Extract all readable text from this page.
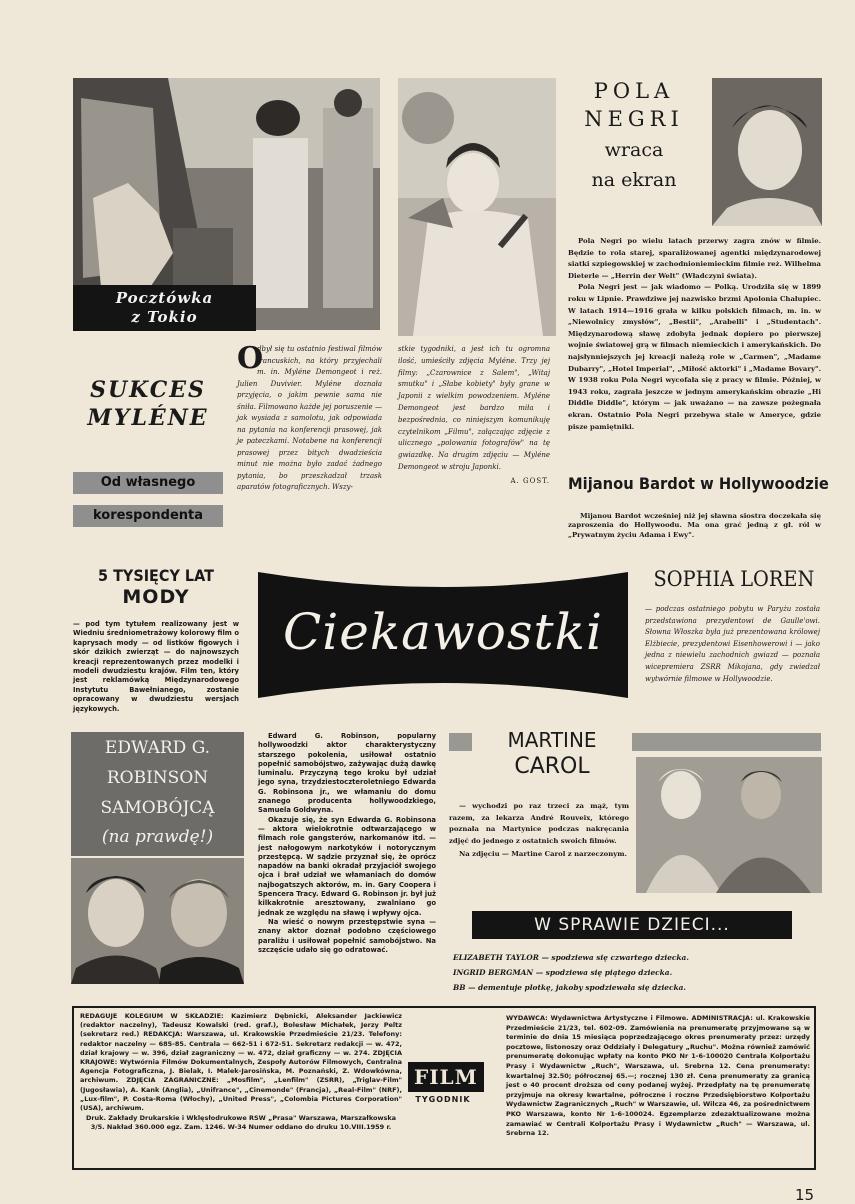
Pocztówka
z Tokio
POLA
NEGRI
wraca
na ekran

Pola Negri po wielu latach przerwy zagra znów w filmie. Będzie to rola starej, sparaliżowanej agentki międzynarodowej siatki szpiegowskiej w zachodnioniemieckim filmie reż. Wilhelma Dieterle — „Herrin der Welt" (Władczyni świata).

Pola Negri jest — jak wiadomo — Polką. Urodziła się w 1899 roku w Lipnie. Prawdziwe jej nazwisko brzmi Apolonia Chałupiec. W latach 1914—1916 grała w kilku polskich filmach, m. in. w „Niewolnicy zmysłów", „Bestii", „Arabelli" i „Studentach". Międzynarodową sławę zdobyła jednak dopiero po pierwszej wojnie światowej grą w filmach niemieckich i amerykańskich. Do najsłynniejszych jej kreacji należą role w „Carmen", „Madame Dubarry", „Hotel Imperial", „Miłość aktorki" i „Madame Bovary". W 1938 roku Pola Negri wycofała się z pracy w filmie. Później, w 1943 roku, zagrała jeszcze w jednym amerykańskim obrazie „Hi Diddle Diddle", którym — jak uważano — na zawsze pożegnała ekran. Ostatnio Pola Negri przebywa stale w Ameryce, gdzie pisze pamiętniki.

Mijanou Bardot w Hollywoodzie
Mijanou Bardot wcześniej niż jej sławna siostra doczekała się zaproszenia do Hollywoodu. Ma ona grać jedną z gł. ról w „Prywatnym życiu Adama i Ewy".
SUKCES
MYLÉNE
Od własnego
korespondenta
O
dbył się tu ostatnio festiwal filmów francuskich, na który przyjechali m. in. Myléne Demongeot i reż. Julien Duvivier. Myléne doznała przyjęcia, o jakim pewnie sama nie śniła. Filmowano każde jej poruszenie — jak wysiada z samolotu, jak odpowiada na pytania na konferencji prasowej, jak je pateczkami. Notabene na konferencji prasowej przez bitych dwadzieścia minut nie można było zadać żadnego pytania, bo przeszkadzał trzask aparatów fotograficznych. Wszy-
stkie tygodniki, a jest ich tu ogromna ilość, umieściły zdjęcia Myléne. Trzy jej filmy: „Czarownice z Salem", „Witaj smutku" i „Słabe kobiety" były grane w Japonii z wielkim powodzeniem. Myléne Demongeot jest bardzo miła i bezpośrednia, co niniejszym komunikuję czytelnikom „Filmu", załączając zdjęcie z ulicznego „polowania fotografów" na tę gwiazdkę. Na drugim zdjęciu — Myléne Demongeot w stroju Japonki.
A. GOST.
5 TYSIĘCY LAT
MODY
— pod tym tytułem realizowany jest w Wiedniu średniometrażowy kolorowy film o kaprysach mody — od listków figowych i skór dzikich zwierząt — do najnowszych kreacji reprezentowanych przez modelki i modeli dwudziestu krajów. Film ten, który jest reklamówką Międzynarodowego Instytutu Bawełnianego, zostanie opracowany w dwudziestu wersjach językowych.
Ciekawostki
SOPHIA LOREN
— podczas ostatniego pobytu w Paryżu została przedstawiona prezydentowi de Gaulle'owi. Słowna Włoszka była już prezentowana królowej Elżbiecie, prezydentowi Eisenhowerowi i — jako jedna z niewielu zachodnich gwiazd — poznała wicepremiera ZSRR Mikojana, gdy zwiedzał wytwórnie filmowe w Hollywoodzie.
EDWARD G.
ROBINSON
SAMOBÓJCĄ
(na prawdę!)

Edward G. Robinson, popularny hollywoodzki aktor charakterystyczny starszego pokolenia, usiłował ostatnio popełnić samobójstwo, zażywając dużą dawkę luminalu. Przyczyną tego kroku był udział jego syna, trzydziestoczteroletniego Edwarda G. Robinsona jr., we włamaniu do domu znanego producenta hollywoodzkiego, Samuela Goldwyna.

Okazuje się, że syn Edwarda G. Robinsona — aktora wielokrotnie odtwarzającego w filmach role gangsterów, narkomanów itd. — jest nałogowym narkotyków i notorycznym przestępcą. W sądzie przyznał się, że oprócz napadów na banki okradał przyjaciół swojego ojca i brał udział we włamaniach do domów najbogatszych aktorów, m. in. Gary Coopera i Spencera Tracy. Edward G. Robinson jr. był już kilkakrotnie aresztowany, zwalniano go jednak ze względu na sławę i wpływy ojca.

Na wieść o nowym przestępstwie syna — znany aktor doznał podobno częściowego paraliżu i usiłował popełnić samobójstwo. Na szczęście udało się go odratować.

MARTINE
CAROL

— wychodzi po raz trzeci za mąż, tym razem, za lekarza André Rouveix, którego poznała na Martynice podczas nakręcania zdjęć do jednego z ostatnich swoich filmów.

Na zdjęciu — Martine Carol z narzeczonym.

W SPRAWIE DZIECI...
ELIZABETH TAYLOR — spodziewa się czwartego dziecka.
INGRID BERGMAN — spodziewa się piątego dziecka.
BB — dementuje plotkę, jakoby spodziewała się dziecka.
REDAGUJE KOLEGIUM W SKŁADZIE: Kazimierz Dębnicki, Aleksander Jackiewicz (redaktor naczelny), Tadeusz Kowalski (red. graf.), Bolesław Michałek, Jerzy Peltz (sekretarz red.) REDAKCJA: Warszawa, ul. Krakowskie Przedmieście 21/23. Telefony: redaktor naczelny — 685-85. Centrala — 662-51 i 672-51. Sekretarz redakcji — w. 472, dział krajowy — w. 396, dział zagraniczny — w. 472, dział graficzny — w. 274. ZDJĘCIA KRAJOWE: Wytwórnia Filmów Dokumentalnych, Zespoły Autorów Filmowych, Centralna Agencja Fotograficzna, J. Bielak, I. Malek-Jarosińska, M. Poznański, Z. Wdowkówna, archiwum. ZDJĘCIA ZAGRANICZNE: „Mosfilm", „Lenfilm" (ZSRR), „Triglav-Film" (Jugosławia), A. Kank (Anglia), „Unifrance", „Cinemonde" (Francja), „Real-Film" (NRF), „Lux-film", P. Costa-Roma (Włochy), „United Press", „Colombia Pictures Corporation" (USA), archiwum.
Druk. Zakłady Drukarskie i Wklęsłodrukowe RSW „Prasa" Warszawa, Marszałkowska 3/5. Nakład 360.000 egz. Zam. 1246. W-34 Numer oddano do druku 10.VIII.1959 r.
FILM
TYGODNIK
WYDAWCA: Wydawnictwa Artystyczne i Filmowe. ADMINISTRACJA: ul. Krakowskie Przedmieście 21/23, tel. 602-09. Zamówienia na prenumeratę przyjmowane są w terminie do dnia 15 miesiąca poprzedzającego okres prenumeraty przez: urzędy pocztowe, listonoszy oraz Oddziały i Delegatury „Ruchu". Można również zamówić prenumeratę dokonując wpłaty na konto PKO Nr 1-6-100020 Centrala Kolportażu Prasy i Wydawnictw „Ruch", Warszawa, ul. Srebrna 12. Cena prenumeraty: kwartalnej 32.50; półrocznej 65.—; rocznej 130 zł. Cena prenumeraty za granicą jest o 40 procent droższa od ceny podanej wyżej. Przedpłaty na tę prenumeratę przyjmuje na okresy kwartalne, półroczne i roczne Przedsiębiorstwo Kolportażu Wydawnictw Zagranicznych „Ruch" w Warszawie, ul. Wilcza 46, za pośrednictwem PKO Warszawa, konto Nr 1-6-100024. Egzemplarze zdezaktualizowane można zamawiać w Centrali Kolportażu Prasy i Wydawnictw „Ruch" — Warszawa, ul. Srebrna 12.
15
